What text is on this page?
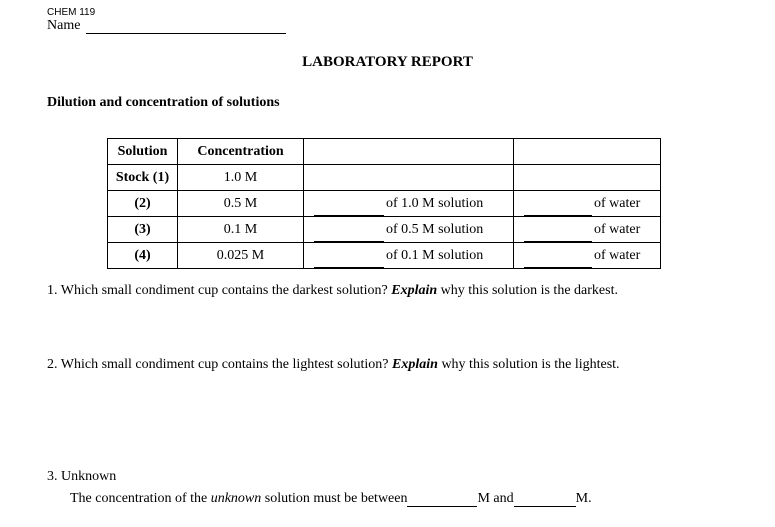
CHEM 119
Name
LABORATORY REPORT
Dilution and concentration of solutions
Solution	Concentration		
Stock (1)	1.0 M		
(2)	0.5 M	of 1.0 M solution	of water

(3)	0.1 M	of 0.5 M solution	of water

(4)	0.025 M	of 0.1 M solution	of water
1. Which small condiment cup contains the darkest solution? Explain why this solution is the darkest.
2. Which small condiment cup contains the lightest solution? Explain why this solution is the lightest.
3. Unknown
The concentration of the unknown solution must be between	M and	M.
